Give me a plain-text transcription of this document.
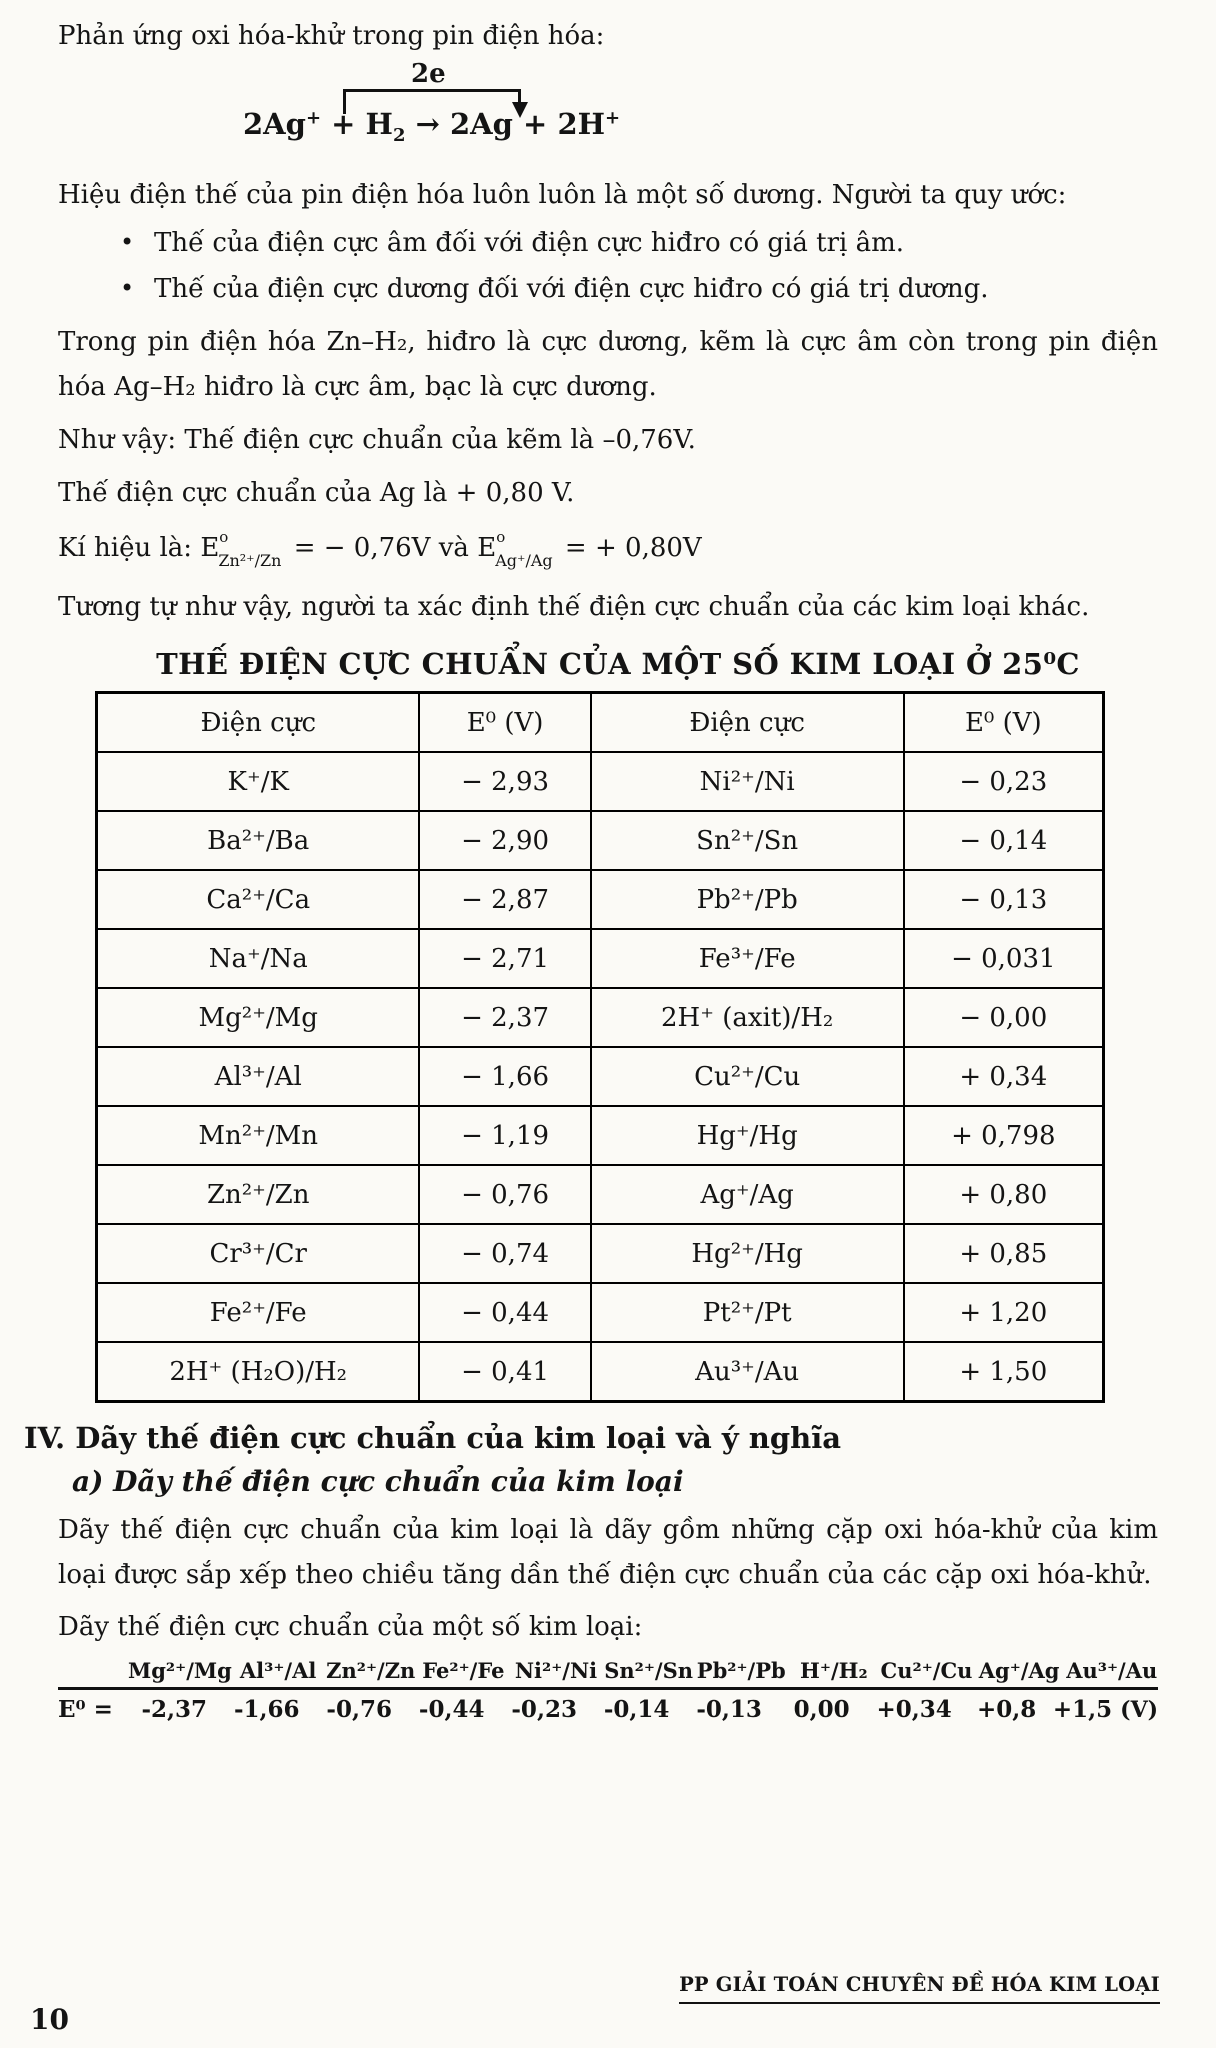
Phản ứng oxi hóa-khử trong pin điện hóa:

2e
$2Ag^+ + H_2 \to 2Ag + 2H^+$

Hiệu điện thế của pin điện hóa luôn luôn là một số dương. Người ta quy ước:

• Thế của điện cực âm đối với điện cực hiđro có giá trị âm.
• Thế của điện cực dương đối với điện cực hiđro có giá trị dương.

Trong pin điện hóa Zn–H₂, hiđro là cực dương, kẽm là cực âm còn trong pin điện hóa Ag–H₂ hiđro là cực âm, bạc là cực dương.

Như vậy: Thế điện cực chuẩn của kẽm là –0,76V.

Thế điện cực chuẩn của Ag là + 0,80 V.

Kí hiệu là: $E^o_{Zn^{2+}/Zn}$ = − 0,76V và $E^o_{Ag^+/Ag}$ = + 0,80V

Tương tự như vậy, người ta xác định thế điện cực chuẩn của các kim loại khác.

THẾ ĐIỆN CỰC CHUẨN CỦA MỘT SỐ KIM LOẠI Ở 25⁰C
Điện cực	E⁰ (V)	Điện cực	E⁰ (V)
K⁺/K	− 2,93	Ni²⁺/Ni	− 0,23
Ba²⁺/Ba	− 2,90	Sn²⁺/Sn	− 0,14
Ca²⁺/Ca	− 2,87	Pb²⁺/Pb	− 0,13
Na⁺/Na	− 2,71	Fe³⁺/Fe	− 0,031
Mg²⁺/Mg	− 2,37	2H⁺ (axit)/H₂	− 0,00
Al³⁺/Al	− 1,66	Cu²⁺/Cu	+ 0,34
Mn²⁺/Mn	− 1,19	Hg⁺/Hg	+ 0,798
Zn²⁺/Zn	− 0,76	Ag⁺/Ag	+ 0,80
Cr³⁺/Cr	− 0,74	Hg²⁺/Hg	+ 0,85
Fe²⁺/Fe	− 0,44	Pt²⁺/Pt	+ 1,20
2H⁺ (H₂O)/H₂	− 0,41	Au³⁺/Au	+ 1,50
IV. Dãy thế điện cực chuẩn của kim loại và ý nghĩa
a) Dãy thế điện cực chuẩn của kim loại

Dãy thế điện cực chuẩn của kim loại là dãy gồm những cặp oxi hóa-khử của kim loại được sắp xếp theo chiều tăng dần thế điện cực chuẩn của các cặp oxi hóa-khử.

Dãy thế điện cực chuẩn của một số kim loại:

Mg²⁺/Mg Al³⁺/Al Zn²⁺/Zn Fe²⁺/Fe Ni²⁺/Ni Sn²⁺/Sn Pb²⁺/Pb H⁺/H₂ Cu²⁺/Cu Ag⁺/Ag Au³⁺/Au
E⁰ =	-2,37	-1,66	-0,76	-0,44	-0,23	-0,14	-0,13	0,00	+0,34	+0,8 +1,5 (V)
PP GIẢI TOÁN CHUYÊN ĐỀ HÓA KIM LOẠI
10
